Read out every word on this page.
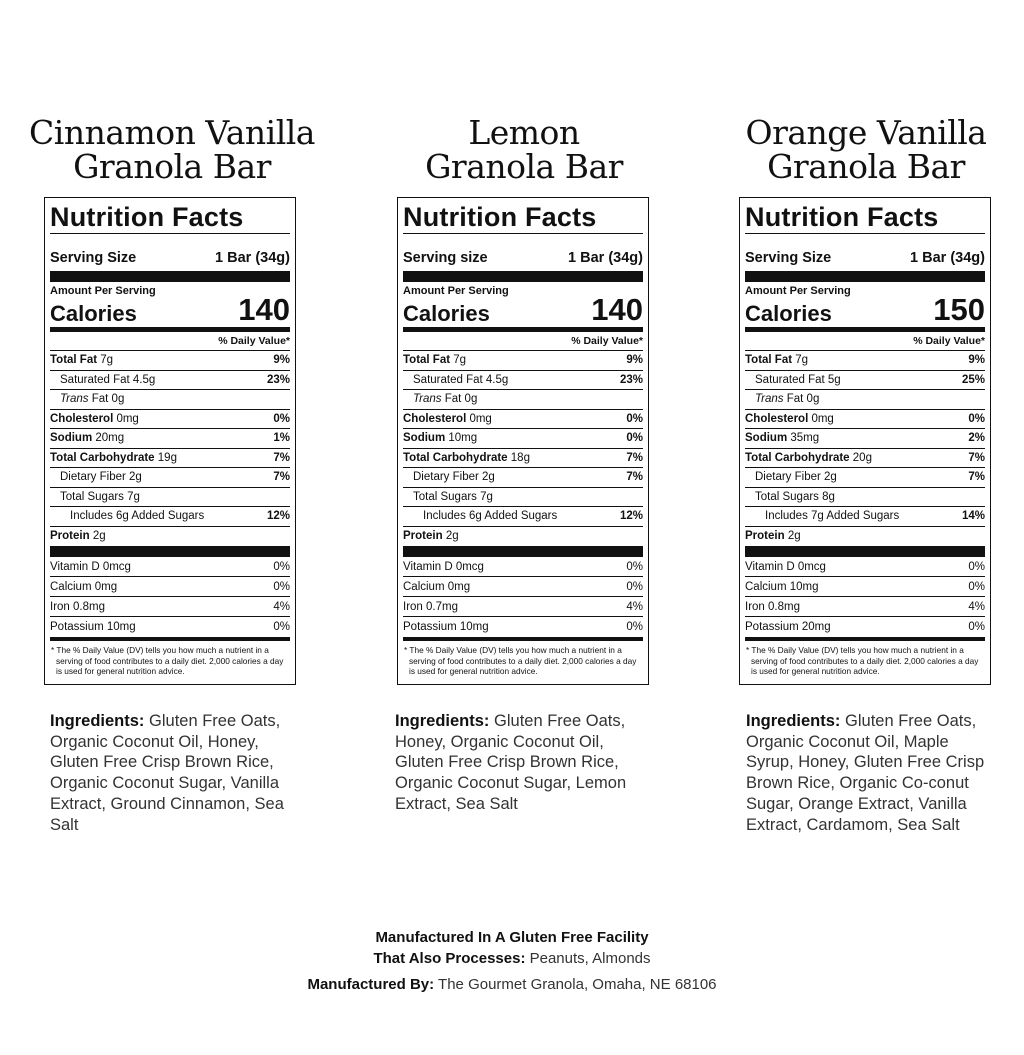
Cinnamon Vanilla
Granola Bar
Nutrition Facts
Serving Size	1 Bar (34g)
Amount Per Serving
Calories	140
% Daily Value*
Total Fat 7g	9%
Saturated Fat 4.5g	23%
Trans Fat 0g
Cholesterol 0mg	0%
Sodium 20mg	1%
Total Carbohydrate 19g	7%
Dietary Fiber 2g	7%
Total Sugars 7g
Includes 6g Added Sugars	12%
Protein 2g
Vitamin D 0mcg	0%
Calcium 0mg	0%
Iron 0.8mg	4%
Potassium 10mg	0%
* The % Daily Value (DV) tells you how much a nutrient in a
serving of food contributes to a daily diet. 2,000 calories a day
is used for general nutrition advice.
Ingredients: Gluten Free Oats, Organic Coconut Oil, Honey, Gluten Free Crisp Brown Rice, Organic Coconut Sugar, Vanilla Extract, Ground Cinnamon, Sea Salt
Lemon
Granola Bar
Nutrition Facts
Serving size	1 Bar (34g)
Amount Per Serving
Calories	140
% Daily Value*
Total Fat 7g	9%
Saturated Fat 4.5g	23%
Trans Fat 0g
Cholesterol 0mg	0%
Sodium 10mg	0%
Total Carbohydrate 18g	7%
Dietary Fiber 2g	7%
Total Sugars 7g
Includes 6g Added Sugars	12%
Protein 2g
Vitamin D 0mcg	0%
Calcium 0mg	0%
Iron 0.7mg	4%
Potassium 10mg	0%
* The % Daily Value (DV) tells you how much a nutrient in a
serving of food contributes to a daily diet. 2,000 calories a day
is used for general nutrition advice.
Ingredients: Gluten Free Oats, Honey, Organic Coconut Oil, Gluten Free Crisp Brown Rice, Organic Coconut Sugar, Lemon Extract, Sea Salt
Orange Vanilla
Granola Bar
Nutrition Facts
Serving Size	1 Bar (34g)
Amount Per Serving
Calories	150
% Daily Value*
Total Fat 7g	9%
Saturated Fat 5g	25%
Trans Fat 0g
Cholesterol 0mg	0%
Sodium 35mg	2%
Total Carbohydrate 20g	7%
Dietary Fiber 2g	7%
Total Sugars 8g
Includes 7g Added Sugars	14%
Protein 2g
Vitamin D 0mcg	0%
Calcium 10mg	0%
Iron 0.8mg	4%
Potassium 20mg	0%
* The % Daily Value (DV) tells you how much a nutrient in a
serving of food contributes to a daily diet. 2,000 calories a day
is used for general nutrition advice.
Ingredients: Gluten Free Oats, Organic Coconut Oil, Maple Syrup, Honey, Gluten Free Crisp Brown Rice, Organic Co-conut Sugar, Orange Extract, Vanilla Extract, Cardamom, Sea Salt
Manufactured In A Gluten Free Facility
That Also Processes: Peanuts, Almonds
Manufactured By: The Gourmet Granola, Omaha, NE 68106
